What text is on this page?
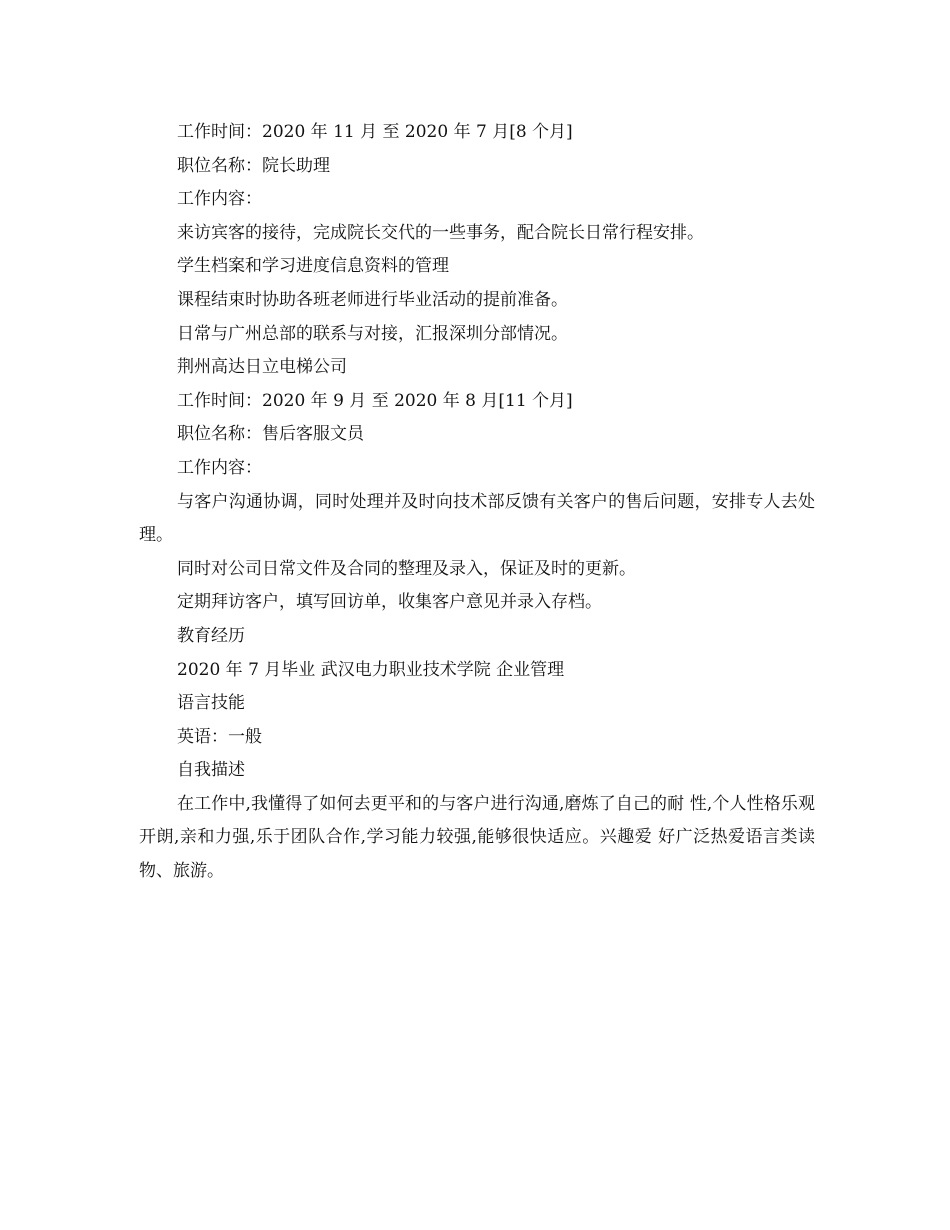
工作时间：2020 年 11 月 至 2020 年 7 月[8 个月]
职位名称：院长助理
工作内容：
来访宾客的接待，完成院长交代的一些事务，配合院长日常行程安排。
学生档案和学习进度信息资料的管理
课程结束时协助各班老师进行毕业活动的提前准备。
日常与广州总部的联系与对接，汇报深圳分部情况。
荆州高达日立电梯公司
工作时间：2020 年 9 月 至 2020 年 8 月[11 个月]
职位名称：售后客服文员
工作内容：
与客户沟通协调，同时处理并及时向技术部反馈有关客户的售后问题，安排专人去处理。
同时对公司日常文件及合同的整理及录入，保证及时的更新。
定期拜访客户，填写回访单，收集客户意见并录入存档。
教育经历
2020 年 7 月毕业 武汉电力职业技术学院 企业管理
语言技能
英语：一般
自我描述
在工作中,我懂得了如何去更平和的与客户进行沟通,磨炼了自己的耐 性,个人性格乐观开朗,亲和力强,乐于团队合作,学习能力较强,能够很快适应。兴趣爱 好广泛热爱语言类读物、旅游。
